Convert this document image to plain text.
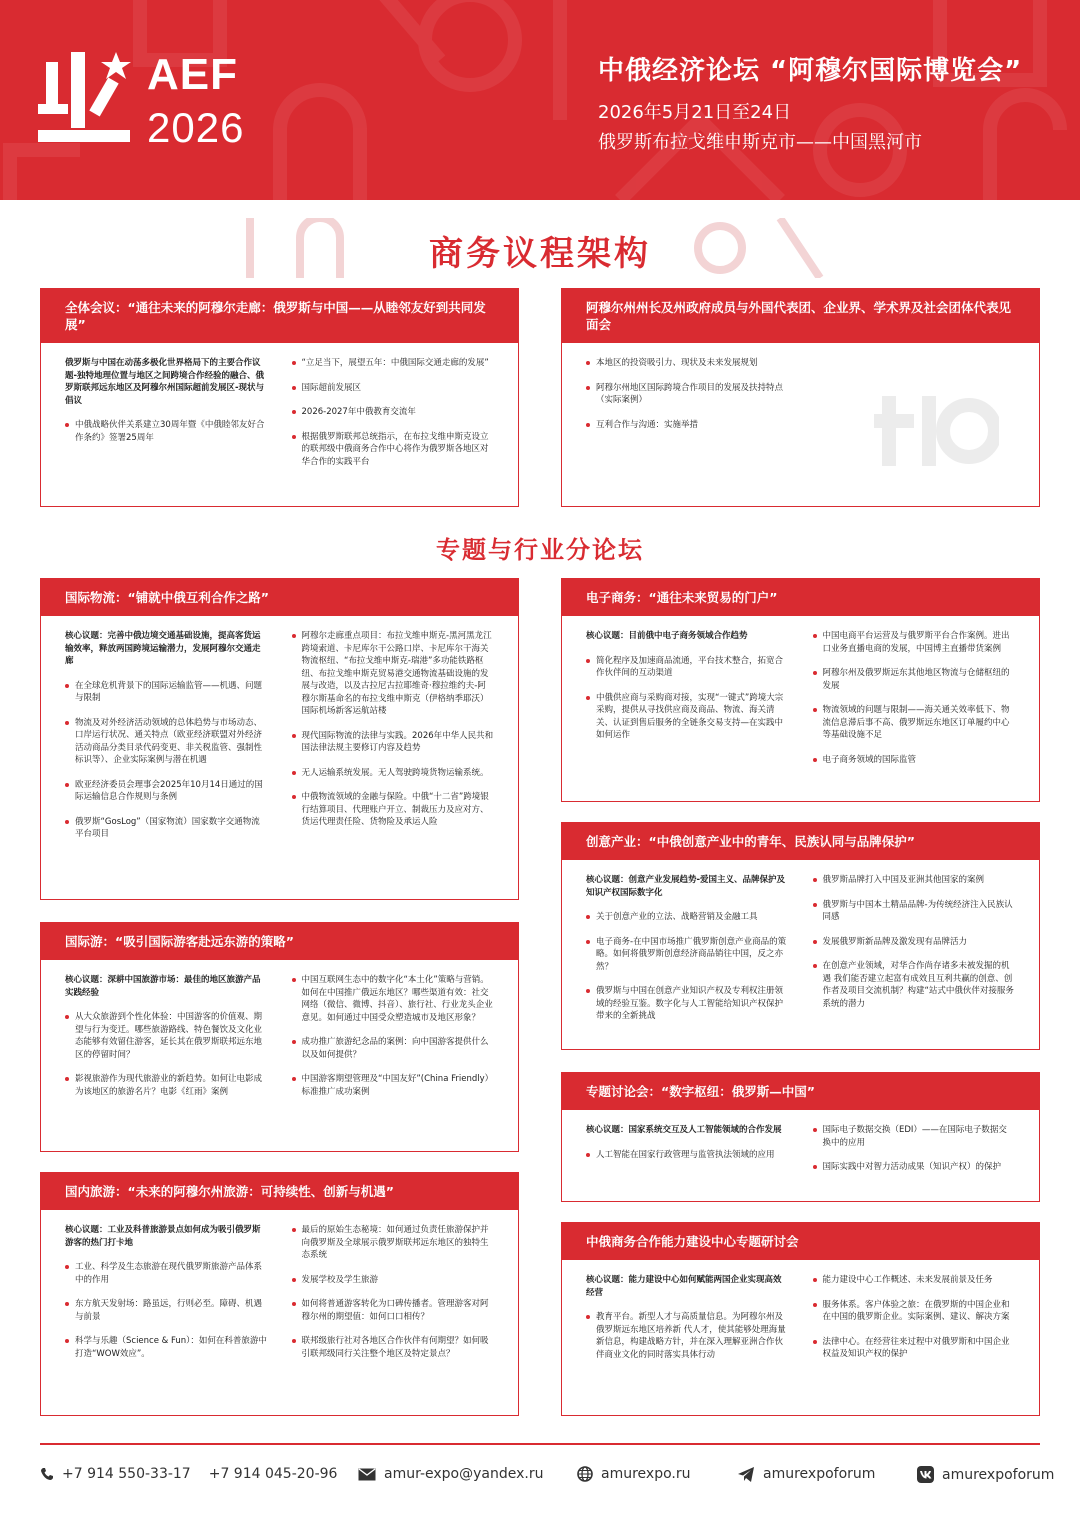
AEF
2026
中俄经济论坛 “阿穆尔国际博览会”
2026年5月21日至24日
俄罗斯布拉戈维申斯克市——中国黑河市
商务议程架构
全体会议：“通往未来的阿穆尔走廊：俄罗斯与中国——从睦邻友好到共同发展”
俄罗斯与中国在动荡多极化世界格局下的主要合作议题-独特地理位置与地区之间跨境合作经验的融合、俄罗斯联邦远东地区及阿穆尔州国际超前发展区-现状与倡议
中俄战略伙伴关系建立30周年暨《中俄睦邻友好合作条约》签署25周年
“立足当下，展望五年：中俄国际交通走廊的发展”
国际超前发展区
2026-2027年中俄教育交流年
根据俄罗斯联邦总统指示，在布拉戈维申斯克设立的联邦级中俄商务合作中心将作为俄罗斯各地区对华合作的实践平台
阿穆尔州州长及州政府成员与外国代表团、企业界、学术界及社会团体代表见面会
本地区的投资吸引力、现状及未来发展规划
阿穆尔州地区国际跨境合作项目的发展及扶持特点（实际案例）
互利合作与沟通：实施举措
专题与行业分论坛
国际物流：“铺就中俄互利合作之路”
核心议题：完善中俄边境交通基础设施，提高客货运输效率，释放两国跨境运输潜力，发展阿穆尔交通走廊
在全球危机背景下的国际运输监管——机遇、问题与限制
物流及对外经济活动领域的总体趋势与市场动态、口岸运行状况、通关特点（欧亚经济联盟对外经济活动商品分类目录代码变更、非关税监管、强制性标识等）、企业实际案例与潜在机遇
欧亚经济委员会理事会2025年10月14日通过的国际运输信息合作规则与条例
俄罗斯“GosLog”（国家物流）国家数字交通物流平台项目
阿穆尔走廊重点项目：布拉戈维申斯克-黑河黑龙江跨境索道、卡尼库尔干公路口岸、卡尼库尔干海关物流枢纽、“布拉戈维申斯克-瑞港”多功能铁路枢纽、布拉戈维申斯克贸易港交通物流基础设施的发展与改造，以及古拉尼古拉耶维奇·穆拉维约夫-阿穆尔斯基命名的布拉戈维申斯克（伊格纳季耶沃）国际机场新客运航站楼
现代国际物流的法律与实践。2026年中华人民共和国法律法规主要修订内容及趋势
无人运输系统发展。无人驾驶跨境货物运输系统。
中俄物流领域的金融与保险。中俄“十二省”跨境银行结算项目、代理账户开立、制裁压力及应对方、货运代理责任险、货物险及承运人险
电子商务：“通往未来贸易的门户”
核心议题：目前俄中电子商务领域合作趋势
简化程序及加速商品流通，平台技术整合，拓宽合作伙伴间的互动渠道
中俄供应商与采购商对接，实现“一键式”跨境大宗采购，提供从寻找供应商及商品、物流、海关清关、认证到售后服务的全链条交易支持—在实践中如何运作
中国电商平台运营及与俄罗斯平台合作案例。进出口业务直播电商的发展，中国博主直播带货案例
阿穆尔州及俄罗斯远东其他地区物流与仓储枢纽的发展
物流领域的问题与限制——海关通关效率低下、物流信息滞后事不高、俄罗斯远东地区订单履约中心等基础设施不足
电子商务领域的国际监管
创意产业：“中俄创意产业中的青年、民族认同与品牌保护”
核心议题：创意产业发展趋势-爱国主义、品牌保护及知识产权国际数字化
关于创意产业的立法、战略营销及金融工具
电子商务-在中国市场推广俄罗斯创意产业商品的策略。如何将俄罗斯创意经济商品销往中国，反之亦然？
俄罗斯与中国在创意产业知识产权及专利权注册领域的经验互鉴。数字化与人工智能给知识产权保护带来的全新挑战
俄罗斯品牌打入中国及亚洲其他国家的案例
俄罗斯与中国本土精品品牌-为传统经济注入民族认同感
发展俄罗斯新品牌及激发现有品牌活力
在创意产业领域，对华合作尚存诸多未被发掘的机遇 我们能否建立起富有成效且互利共赢的创意、创作者及项目交流机制？构建“站式中俄伙伴对接服务系统的潜力
国际游：“吸引国际游客赴远东游的策略”
核心议题：深耕中国旅游市场：最佳的地区旅游产品实践经验
从大众旅游到个性化体验：中国游客的价值观、期望与行为变迁。哪些旅游路线、特色餐饮及文化业态能够有效留住游客，延长其在俄罗斯联邦远东地区的停留时间？
影视旅游作为现代旅游业的新趋势。如何让电影成为该地区的旅游名片？电影《红雨》案例
中国互联网生态中的数字化“本土化”策略与营销。如何在中国推广俄远东地区？哪些渠道有效：社交网络（微信、微博、抖音）、旅行社、行业龙头企业意见。如何通过中国受众塑造城市及地区形象？
成功推广旅游纪念品的案例：向中国游客提供什么以及如何提供？
中国游客期望管理及“中国友好”(China Friendly）标准推广成功案例	专题讨论会：“数字枢纽：俄罗斯—中国”
核心议题：国家系统交互及人工智能领域的合作发展
人工智能在国家行政管理与监管执法领域的应用
国际电子数据交换（EDI）——在国际电子数据交换中的应用
国际实践中对智力活动成果（知识产权）的保护
国内旅游：“未来的阿穆尔州旅游：可持续性、创新与机遇”
核心议题：工业及科普旅游景点如何成为吸引俄罗斯游客的热门打卡地
工业、科学及生态旅游在现代俄罗斯旅游产品体系中的作用
东方航天发射场：路虽远，行则必至。障碍、机遇与前景
科学与乐趣（Science & Fun）：如何在科普旅游中打造“WOW效应”。
最后的原始生态秘境：如何通过负责任旅游保护并向俄罗斯及全球展示俄罗斯联邦远东地区的独特生态系统
发展学校及学生旅游
如何将普通游客转化为口碑传播者。管理游客对阿穆尔州的期望值：如何口口相传？
联邦级旅行社对各地区合作伙伴有何期望？如何吸引联邦级同行关注整个地区及特定景点？
中俄商务合作能力建设中心专题研讨会
核心议题：能力建设中心如何赋能两国企业实现高效经营
教育平台。新型人才与高质量信息。为阿穆尔州及俄罗斯远东地区培养新 代人才，使其能够处理海量新信息，构建战略方针，并在深入理解亚洲合作伙伴商业文化的同时落实具体行动
能力建设中心工作概述、未来发展前景及任务
服务体系。客户体验之旅：在俄罗斯的中国企业和在中国的俄罗斯企业。实际案例、建议、解决方案
法律中心。在经营往来过程中对俄罗斯和中国企业权益及知识产权的保护
+7 914 550-33-17 +7 914 045-20-96	amur-expo@yandex.ru	amurexpo.ru	amurexpoforum	amurexpoforum
